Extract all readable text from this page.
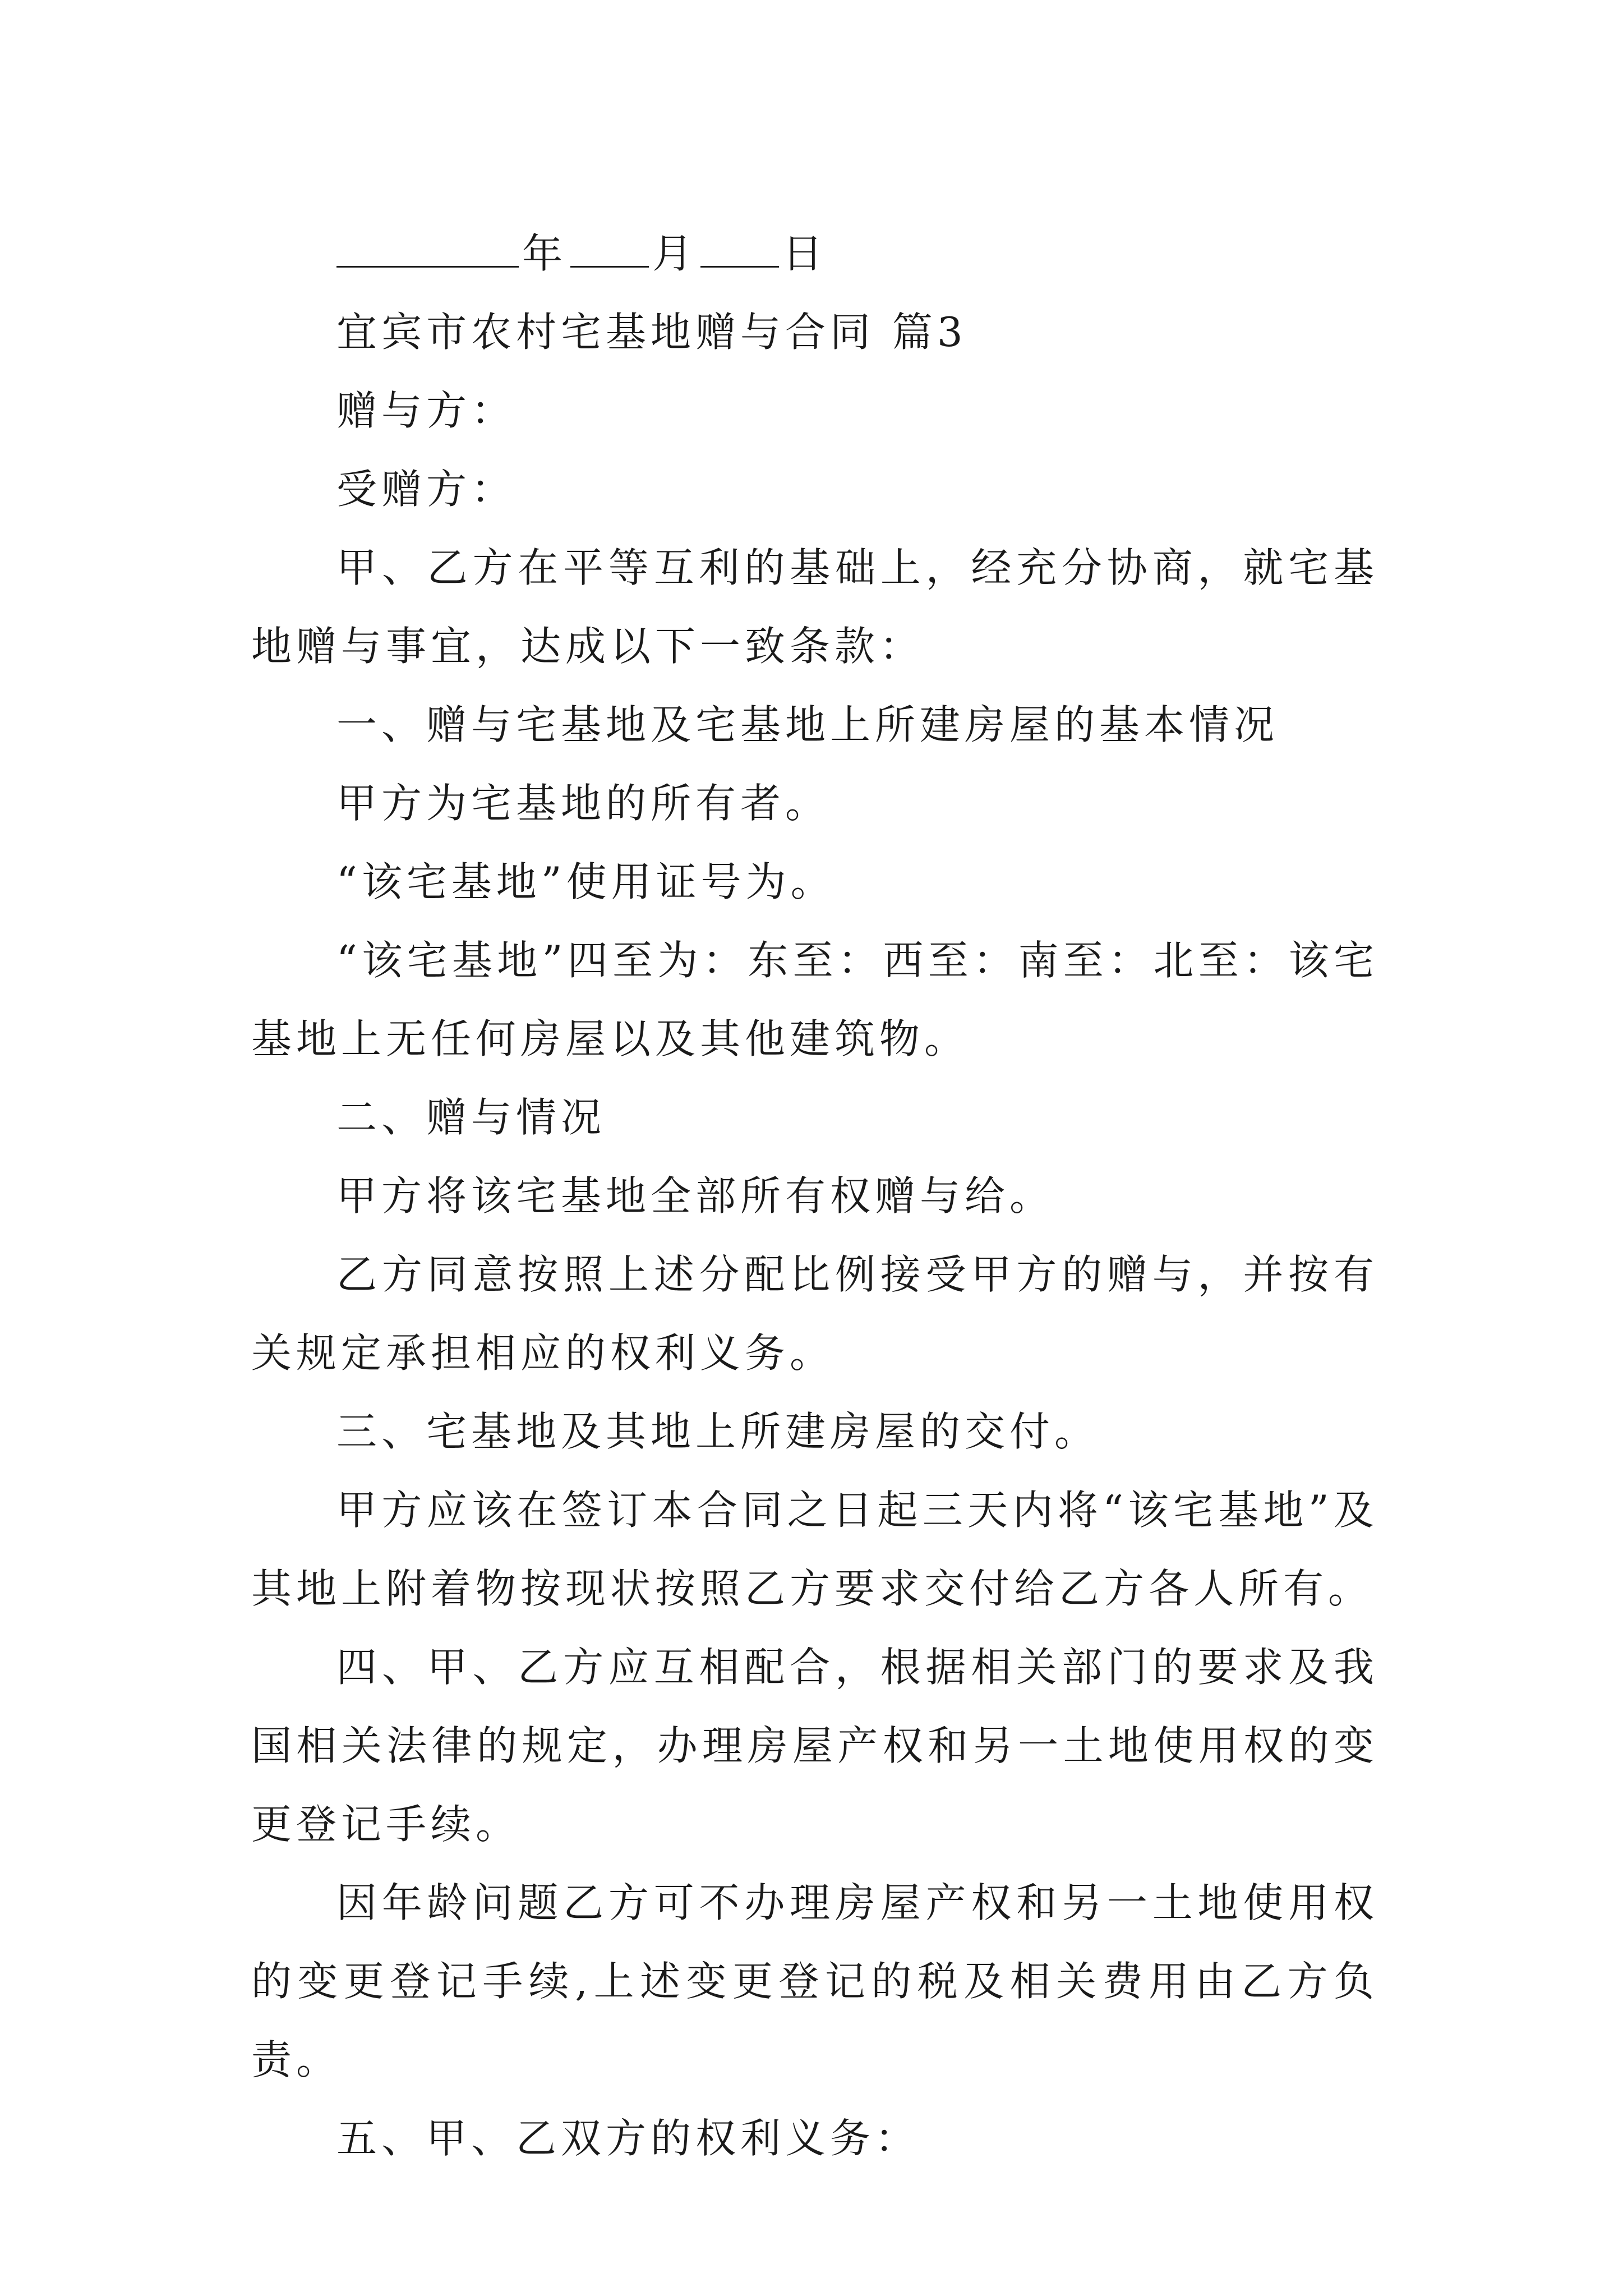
年 月 日

宜宾市农村宅基地赠与合同 篇3

赠与方：

受赠方：

甲、乙方在平等互利的基础上，经充分协商，就宅基地赠与事宜，达成以下一致条款：

一、赠与宅基地及宅基地上所建房屋的基本情况

甲方为宅基地的所有者。

“该宅基地”使用证号为。

“该宅基地”四至为：东至：西至：南至：北至：该宅基地上无任何房屋以及其他建筑物。

二、赠与情况

甲方将该宅基地全部所有权赠与给。

乙方同意按照上述分配比例接受甲方的赠与，并按有关规定承担相应的权利义务。

三、宅基地及其地上所建房屋的交付。

甲方应该在签订本合同之日起三天内将“该宅基地”及其地上附着物按现状按照乙方要求交付给乙方各人所有。

四、甲、乙方应互相配合，根据相关部门的要求及我国相关法律的规定，办理房屋产权和另一土地使用权的变更登记手续。

因年龄问题乙方可不办理房屋产权和另一土地使用权的变更登记手续,上述变更登记的税及相关费用由乙方负责。

五、甲、乙双方的权利义务：
